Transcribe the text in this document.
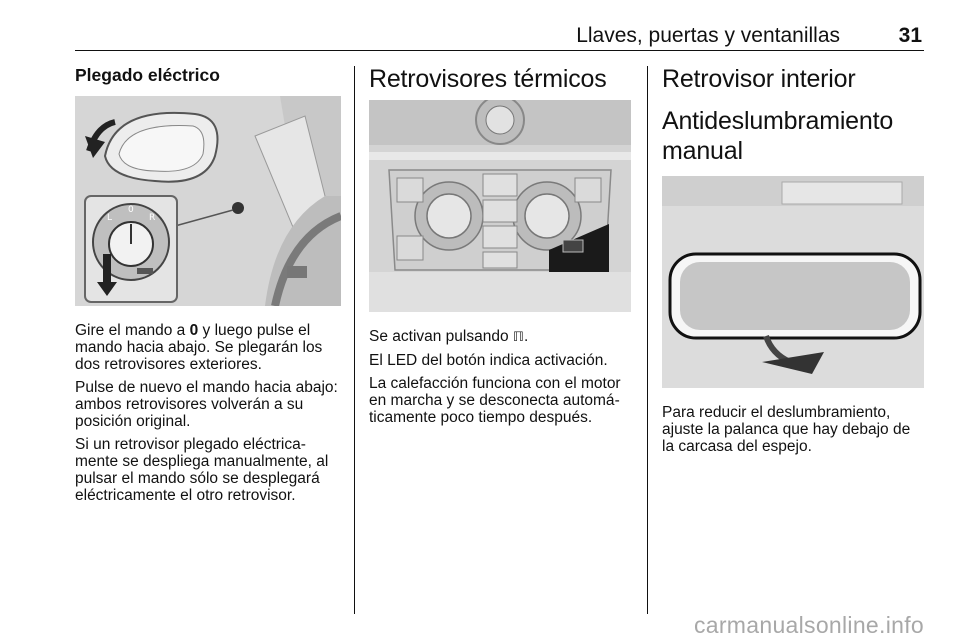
Llaves, puertas y ventanillas	31
Plegado eléctrico
L
0
R

Gire el mando a 0 y luego pulse el mando hacia abajo. Se plegarán los dos retrovisores exteriores.

Pulse de nuevo el mando hacia abajo: ambos retrovisores volverán a su posición original.

Si un retrovisor plegado eléctricamente se despliega manualmente, al pulsar el mando sólo se desplegará eléctricamente el otro retrovisor.

Retrovisores térmicos

Se activan pulsando ℿ.

El LED del botón indica activación.

La calefacción funciona con el motor en marcha y se desconecta automáticamente poco tiempo después.

Retrovisor interior
Antideslumbramiento manual

Para reducir el deslumbramiento, ajuste la palanca que hay debajo de la carcasa del espejo.

carmanualsonline.info
